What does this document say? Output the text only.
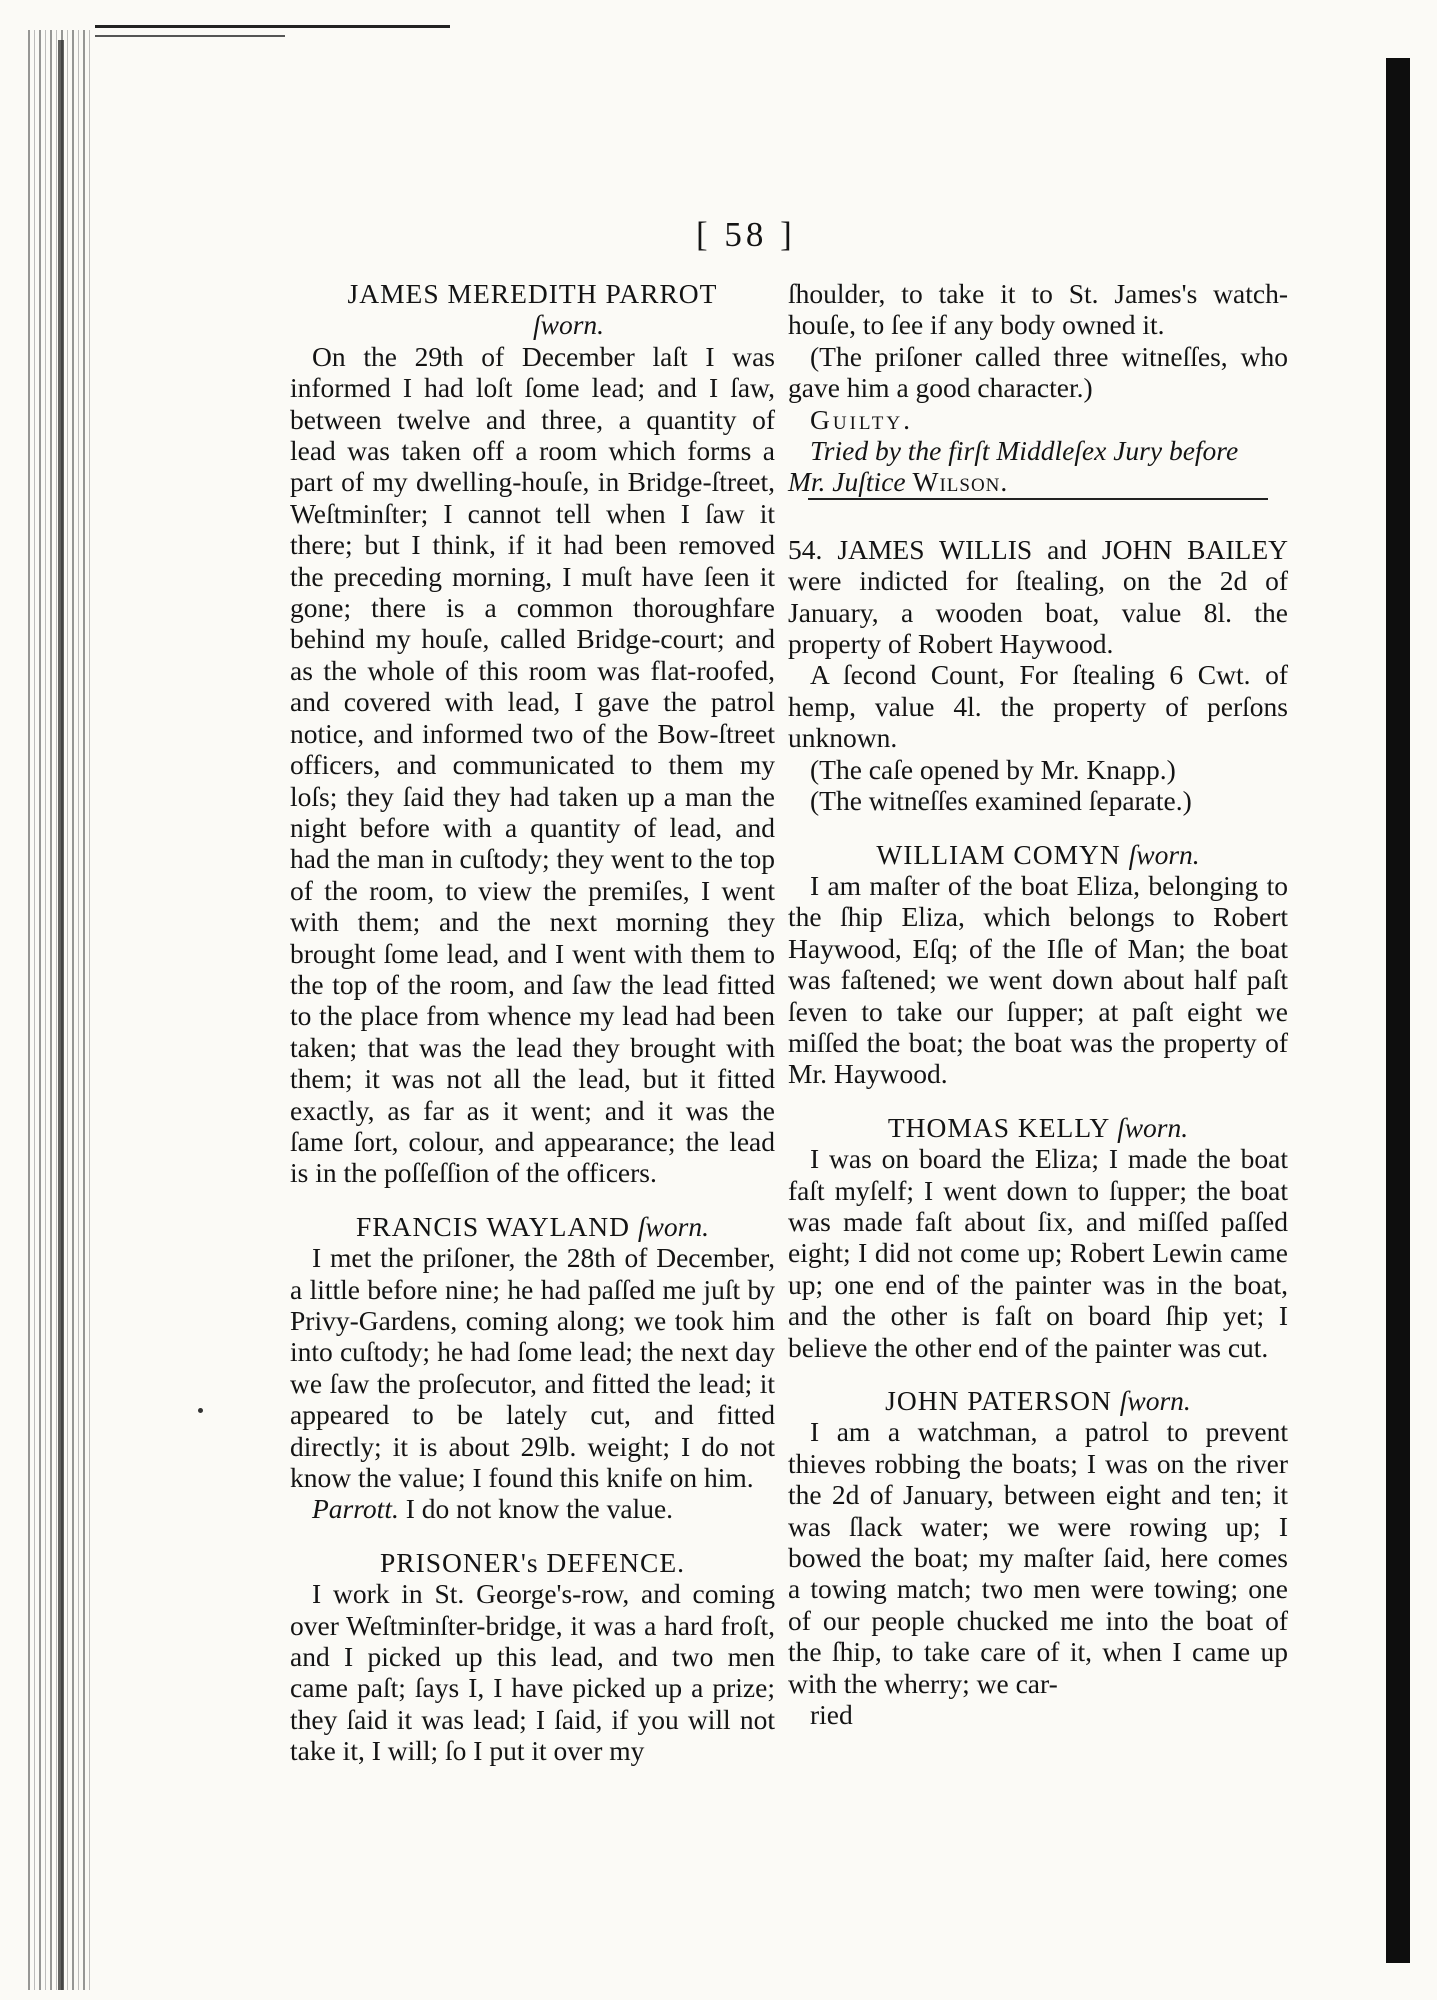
[ 58 ]

JAMES MEREDITH PARROT

ſworn.

On the 29th of December laſt I was informed I had loſt ſome lead; and I ſaw, between twelve and three, a quantity of lead was taken off a room which forms a part of my dwelling-houſe, in Bridge-ſtreet, Weſtminſter; I cannot tell when I ſaw it there; but I think, if it had been removed the preceding morning, I muſt have ſeen it gone; there is a common thoroughfare behind my houſe, called Bridge-court; and as the whole of this room was flat-roofed, and covered with lead, I gave the patrol notice, and informed two of the Bow-ſtreet officers, and communicated to them my loſs; they ſaid they had taken up a man the night before with a quantity of lead, and had the man in cuſtody; they went to the top of the room, to view the premiſes, I went with them; and the next morning they brought ſome lead, and I went with them to the top of the room, and ſaw the lead fitted to the place from whence my lead had been taken; that was the lead they brought with them; it was not all the lead, but it fitted exactly, as far as it went; and it was the ſame ſort, colour, and appearance; the lead is in the poſſeſſion of the officers.

FRANCIS WAYLAND ſworn.

I met the priſoner, the 28th of December, a little before nine; he had paſſed me juſt by Privy-Gardens, coming along; we took him into cuſtody; he had ſome lead; the next day we ſaw the proſecutor, and fitted the lead; it appeared to be lately cut, and fitted directly; it is about 29lb. weight; I do not know the value; I found this knife on him.

Parrott. I do not know the value.

PRISONER's DEFENCE.

I work in St. George's-row, and coming over Weſtminſter-bridge, it was a hard froſt, and I picked up this lead, and two men came paſt; ſays I, I have picked up a prize; they ſaid it was lead; I ſaid, if you will not take it, I will; ſo I put it over my

ſhoulder, to take it to St. James's watch-houſe, to ſee if any body owned it.

(The priſoner called three witneſſes, who gave him a good character.)

Guilty.

Tried by the firſt Middleſex Jury before
Mr. Juſtice Wilson.

54. JAMES WILLIS and JOHN BAILEY were indicted for ſtealing, on the 2d of January, a wooden boat, value 8l. the property of Robert Haywood.

A ſecond Count, For ſtealing 6 Cwt. of hemp, value 4l. the property of perſons unknown.

(The caſe opened by Mr. Knapp.)

(The witneſſes examined ſeparate.)

WILLIAM COMYN ſworn.

I am maſter of the boat Eliza, belonging to the ſhip Eliza, which belongs to Robert Haywood, Eſq; of the Iſle of Man; the boat was faſtened; we went down about half paſt ſeven to take our ſupper; at paſt eight we miſſed the boat; the boat was the property of Mr. Haywood.

THOMAS KELLY ſworn.

I was on board the Eliza; I made the boat faſt myſelf; I went down to ſupper; the boat was made faſt about ſix, and miſſed paſſed eight; I did not come up; Robert Lewin came up; one end of the painter was in the boat, and the other is faſt on board ſhip yet; I believe the other end of the painter was cut.

JOHN PATERSON ſworn.

I am a watchman, a patrol to prevent thieves robbing the boats; I was on the river the 2d of January, between eight and ten; it was ſlack water; we were rowing up; I bowed the boat; my maſter ſaid, here comes a towing match; two men were towing; one of our people chucked me into the boat of the ſhip, to take care of it, when I came up with the wherry; we car-

ried
